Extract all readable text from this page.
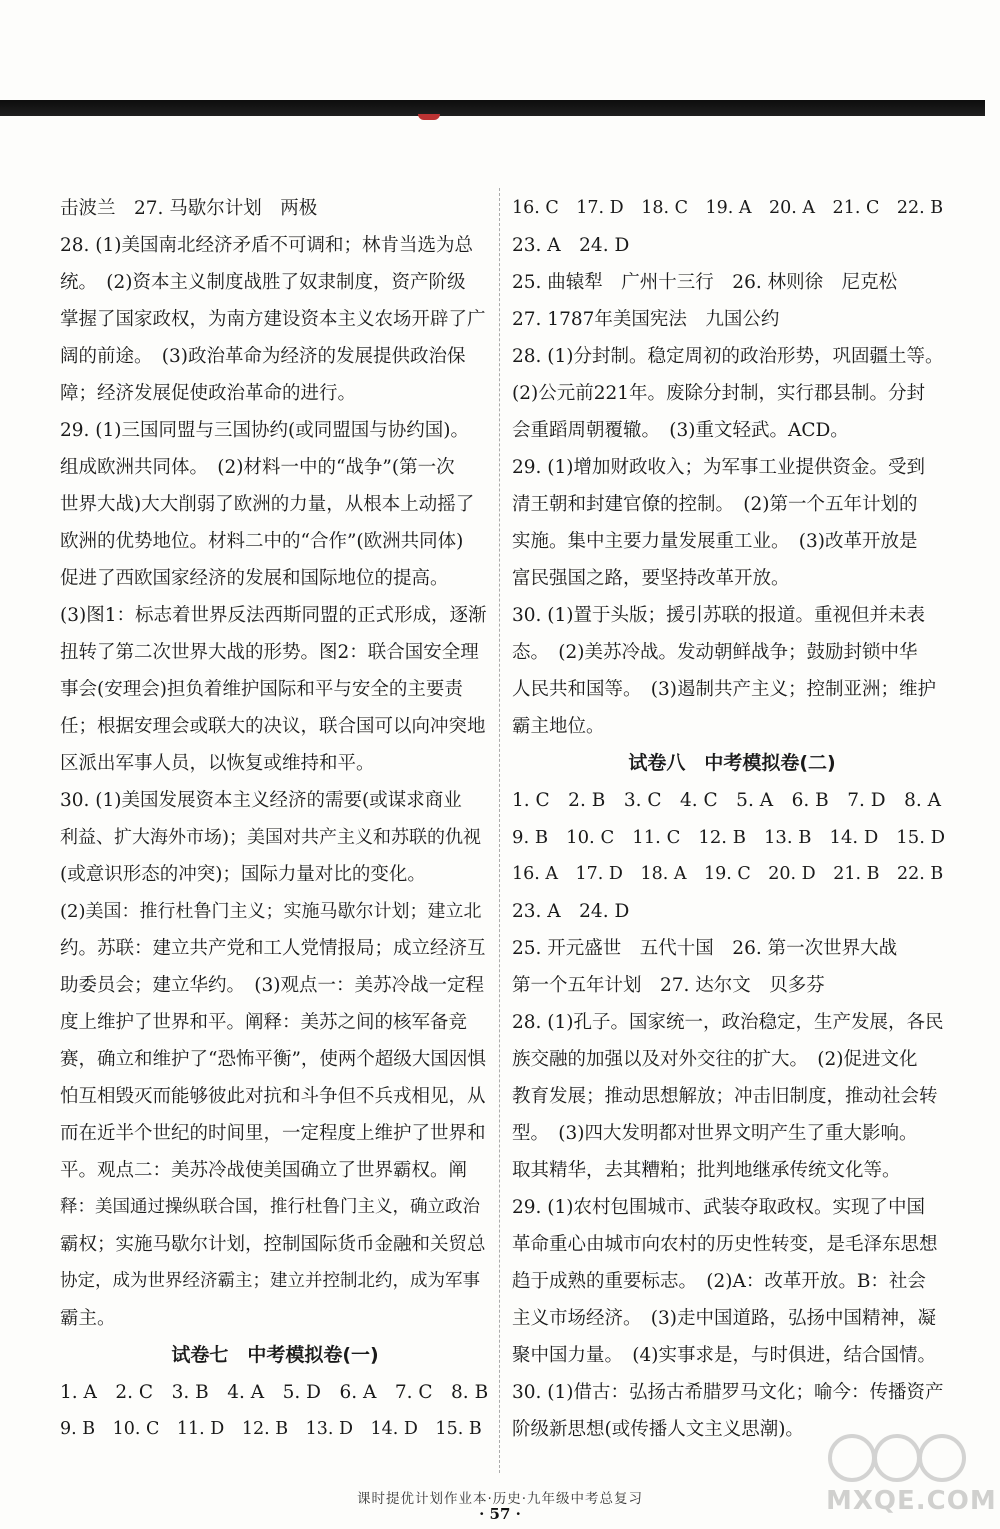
击波兰　27. 马歇尔计划　两极
28. (1)美国南北经济矛盾不可调和；林肯当选为总
统。　(2)资本主义制度战胜了奴隶制度，资产阶级
掌握了国家政权，为南方建设资本主义农场开辟了广
阔的前途。　(3)政治革命为经济的发展提供政治保
障；经济发展促使政治革命的进行。
29. (1)三国同盟与三国协约(或同盟国与协约国)。
组成欧洲共同体。　(2)材料一中的“战争”(第一次
世界大战)大大削弱了欧洲的力量，从根本上动摇了
欧洲的优势地位。材料二中的“合作”(欧洲共同体)
促进了西欧国家经济的发展和国际地位的提高。
(3)图1：标志着世界反法西斯同盟的正式形成，逐渐
扭转了第二次世界大战的形势。图2：联合国安全理
事会(安理会)担负着维护国际和平与安全的主要责
任；根据安理会或联大的决议，联合国可以向冲突地
区派出军事人员，以恢复或维持和平。
30. (1)美国发展资本主义经济的需要(或谋求商业
利益、扩大海外市场)；美国对共产主义和苏联的仇视
(或意识形态的冲突)；国际力量对比的变化。
(2)美国：推行杜鲁门主义；实施马歇尔计划；建立北
约。苏联：建立共产党和工人党情报局；成立经济互
助委员会；建立华约。　(3)观点一：美苏冷战一定程
度上维护了世界和平。阐释：美苏之间的核军备竞
赛，确立和维护了“恐怖平衡”，使两个超级大国因惧
怕互相毁灭而能够彼此对抗和斗争但不兵戎相见，从
而在近半个世纪的时间里，一定程度上维护了世界和
平。观点二：美苏冷战使美国确立了世界霸权。阐
释：美国通过操纵联合国，推行杜鲁门主义，确立政治
霸权；实施马歇尔计划，控制国际货币金融和关贸总
协定，成为世界经济霸主；建立并控制北约，成为军事
霸主。
试卷七　中考模拟卷(一)
1. A　2. C　3. B　4. A　5. D　6. A　7. C　8. B
9. B　10. C　11. D　12. B　13. D　14. D　15. B
16. C　17. D　18. C　19. A　20. A　21. C　22. B
23. A　24. D
25. 曲辕犁　广州十三行　26. 林则徐　尼克松
27. 1787年美国宪法　九国公约
28. (1)分封制。稳定周初的政治形势，巩固疆土等。
(2)公元前221年。废除分封制，实行郡县制。分封
会重蹈周朝覆辙。　(3)重文轻武。ACD。
29. (1)增加财政收入；为军事工业提供资金。受到
清王朝和封建官僚的控制。　(2)第一个五年计划的
实施。集中主要力量发展重工业。　(3)改革开放是
富民强国之路，要坚持改革开放。
30. (1)置于头版；援引苏联的报道。重视但并未表
态。　(2)美苏冷战。发动朝鲜战争；鼓励封锁中华
人民共和国等。　(3)遏制共产主义；控制亚洲；维护
霸主地位。
试卷八　中考模拟卷(二)
1. C　2. B　3. C　4. C　5. A　6. B　7. D　8. A
9. B　10. C　11. C　12. B　13. B　14. D　15. D
16. A　17. D　18. A　19. C　20. D　21. B　22. B
23. A　24. D
25. 开元盛世　五代十国　26. 第一次世界大战
第一个五年计划　27. 达尔文　贝多芬
28. (1)孔子。国家统一，政治稳定，生产发展，各民
族交融的加强以及对外交往的扩大。　(2)促进文化
教育发展；推动思想解放；冲击旧制度，推动社会转
型。　(3)四大发明都对世界文明产生了重大影响。
取其精华，去其糟粕；批判地继承传统文化等。
29. (1)农村包围城市、武装夺取政权。实现了中国
革命重心由城市向农村的历史性转变，是毛泽东思想
趋于成熟的重要标志。　(2)A：改革开放。B：社会
主义市场经济。　(3)走中国道路，弘扬中国精神，凝
聚中国力量。　(4)实事求是，与时俱进，结合国情。
30. (1)借古：弘扬古希腊罗马文化；喻今：传播资产
阶级新思想(或传播人文主义思潮)。
课时提优计划作业本·历史·九年级中考总复习
· 57 ·	MXQE.COM
